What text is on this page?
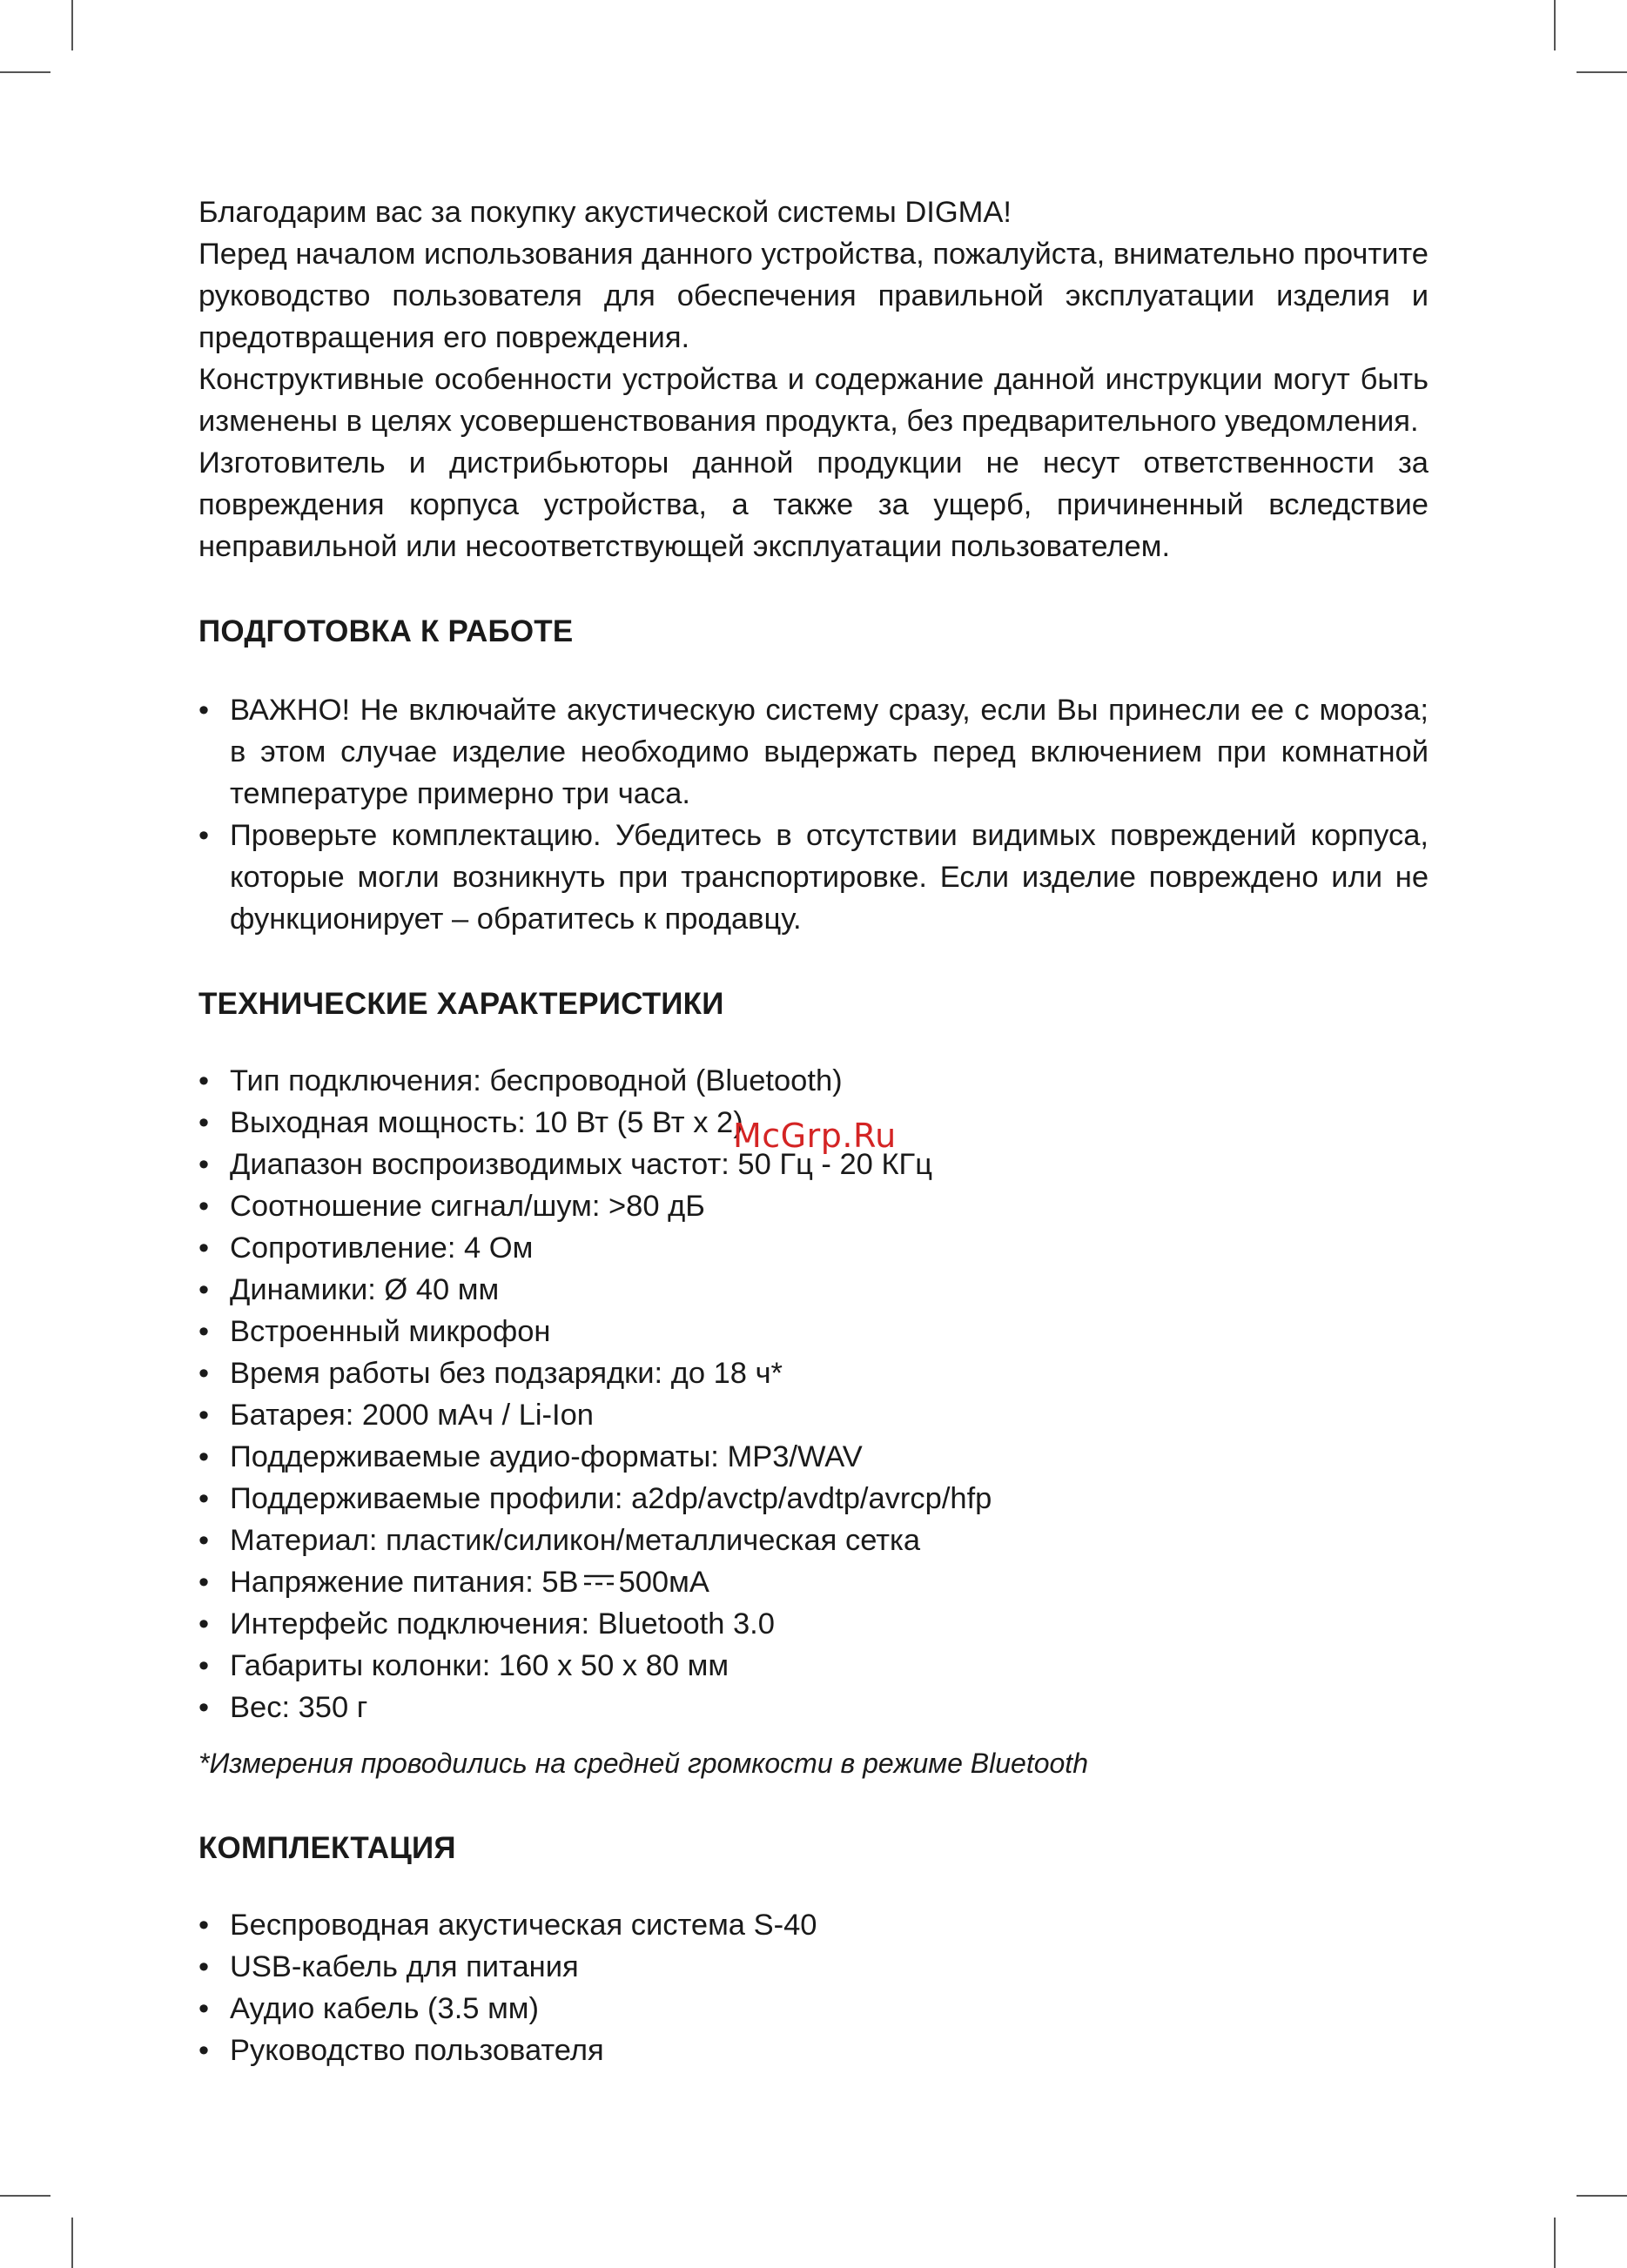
Благодарим вас за покупку акустической системы DIGMA!

Перед началом использования данного устройства, пожалуйста, внимательно прочтите руководство пользователя для обеспечения правильной эксплуатации изделия и предотвращения его повреждения.

Конструктивные особенности устройства и содержание данной инструкции могут быть изменены в целях усовершенствования продукта, без предварительного уведомления.

Изготовитель и дистрибьюторы данной продукции не несут ответственности за повреждения корпуса устройства, а также за ущерб, причиненный вследствие неправильной или несоответствующей эксплуатации пользователем.

ПОДГОТОВКА К РАБОТЕ
• ВАЖНО! Не включайте акустическую систему сразу, если Вы принесли ее с мороза; в этом случае изделие необходимо выдержать перед включением при комнатной температуре примерно три часа.
• Проверьте комплектацию. Убедитесь в отсутствии видимых повреждений корпуса, которые могли возникнуть при транспортировке. Если изделие повреждено или не функционирует – обратитесь к продавцу.
ТЕХНИЧЕСКИЕ ХАРАКТЕРИСТИКИ
• Тип подключения: беспроводной (Bluetooth)
• Выходная мощность: 10 Вт (5 Вт х 2)
• Диапазон воспроизводимых частот: 50 Гц - 20 КГц
• Соотношение сигнал/шум: >80 дБ
• Сопротивление: 4 Ом
• Динамики: Ø 40 мм
• Встроенный микрофон
• Время работы без подзарядки: до 18 ч*
• Батарея: 2000 мАч / Li-Ion
• Поддерживаемые аудио-форматы: MP3/WAV
• Поддерживаемые профили: a2dp/avctp/avdtp/avrcp/hfp
• Материал: пластик/силикон/металлическая сетка
• Напряжение питания: 5В 500мА
• Интерфейс подключения: Bluetooth 3.0
• Габариты колонки: 160 х 50 х 80 мм
• Вес: 350 г

*Измерения проводились на средней громкости в режиме Bluetooth

КОМПЛЕКТАЦИЯ
• Беспроводная акустическая система S-40
• USB-кабель для питания
• Аудио кабель (3.5 мм)
• Руководство пользователя
McGrp.Ru
